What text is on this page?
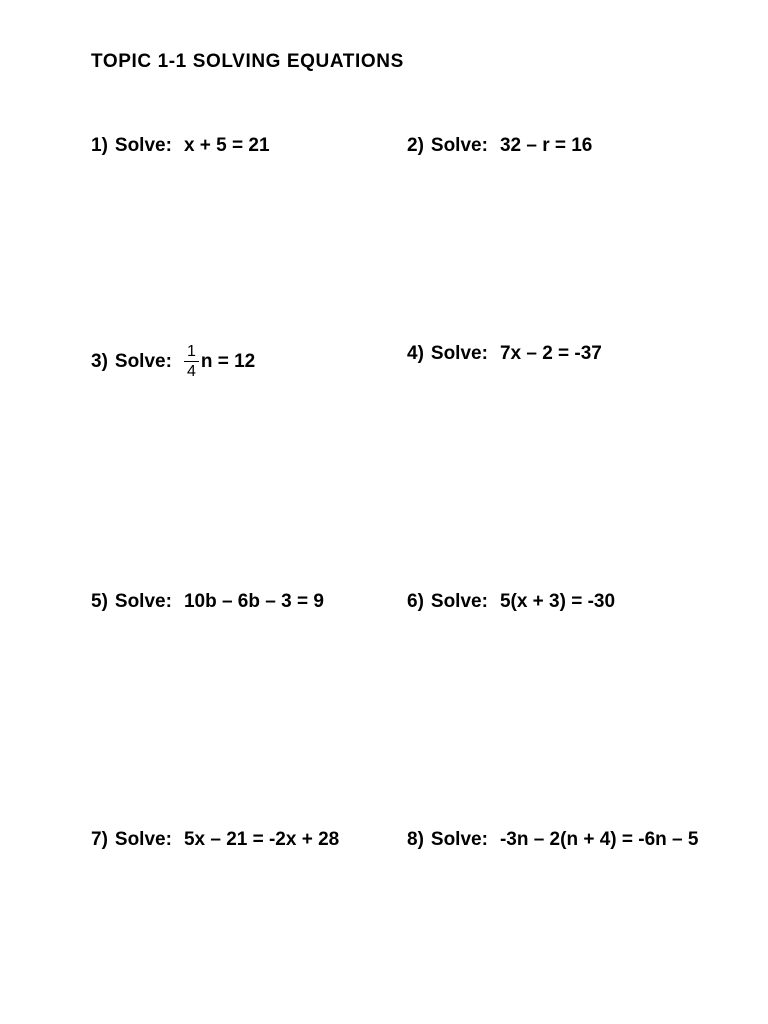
TOPIC 1-1 SOLVING EQUATIONS
1) Solve: x + 5 = 21	2) Solve: 32 – r = 16
3) Solve: $\frac{1}{4}$ n = 12	4) Solve: 7x – 2 = -37
5) Solve: 10b – 6b – 3 = 9	6) Solve: 5(x + 3) = -30
7) Solve: 5x – 21 = -2x + 28	8) Solve: -3n – 2(n + 4) = -6n – 5
